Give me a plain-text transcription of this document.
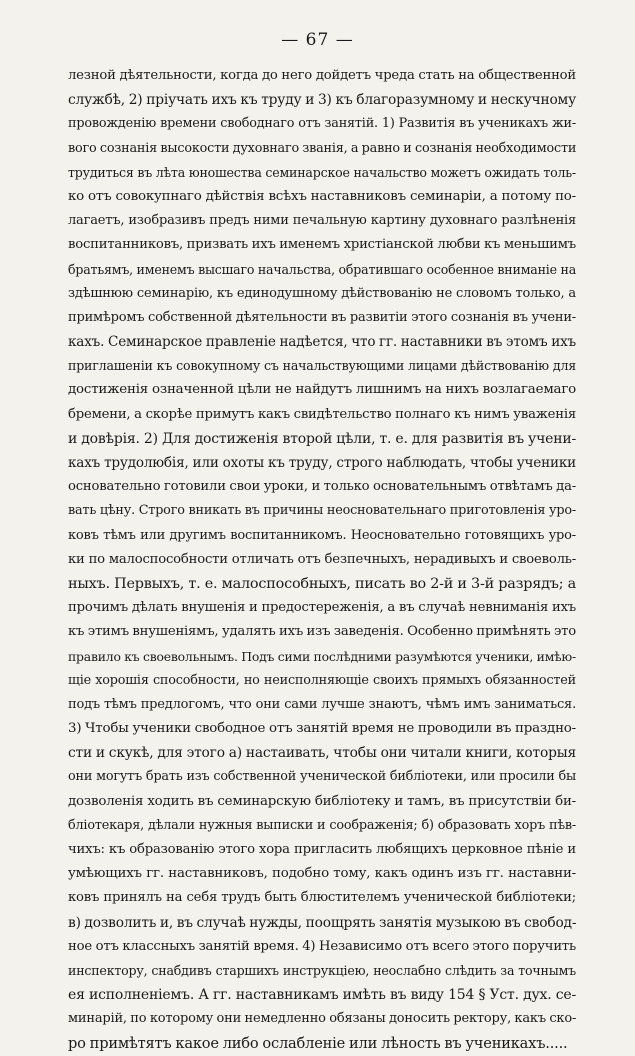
— 67 —
лезной дѣятельности, когда до него дойдетъ чреда стать на общественной
службѣ, 2) пріучать ихъ къ труду и 3) къ благоразумному и нескучному
провожденію времени свободнаго отъ занятій. 1) Развитія въ ученикахъ жи-
вого сознанія высокости духовнаго званія, а равно и сознанія необходимости
трудиться въ лѣта юношества семинарское начальство можетъ ожидать толь-
ко отъ совокупнаго дѣйствія всѣхъ наставниковъ семинаріи, а потому по-
лагаетъ, изобразивъ предъ ними печальную картину духовнаго разлѣненія
воспитанниковъ, призвать ихъ именемъ христіанской любви къ меньшимъ
братьямъ, именемъ высшаго начальства, обратившаго особенное вниманіе на
здѣшнюю семинарію, къ единодушному дѣйствованію не словомъ только, а
примѣромъ собственной дѣятельности въ развитіи этого сознанія въ учени-
кахъ. Семинарское правленіе надѣется, что гг. наставники въ этомъ ихъ
приглашеніи къ совокупному съ начальствующими лицами дѣйствованію для
достиженія означенной цѣли не найдутъ лишнимъ на нихъ возлагаемаго
бремени, а скорѣе примутъ какъ свидѣтельство полнаго къ нимъ уваженія
и довѣрія. 2) Для достиженія второй цѣли, т. е. для развитія въ учени-
кахъ трудолюбія, или охоты къ труду, строго наблюдать, чтобы ученики
основательно готовили свои уроки, и только основательнымъ отвѣтамъ да-
вать цѣну. Строго вникать въ причины неосновательнаго приготовленія уро-
ковъ тѣмъ или другимъ воспитанникомъ. Неосновательно готовящихъ уро-
ки по малоспособности отличать отъ безпечныхъ, нерадивыхъ и своеволь-
ныхъ. Первыхъ, т. е. малоспособныхъ, писать во 2-й и 3-й разрядъ; а
прочимъ дѣлать внушенія и предостереженія, а въ случаѣ невниманія ихъ
къ этимъ внушеніямъ, удалять ихъ изъ заведенія. Особенно примѣнять это
правило къ своевольнымъ. Подъ сими послѣдними разумѣются ученики, имѣю-
щіе хорошія способности, но неисполняющіе своихъ прямыхъ обязанностей
подъ тѣмъ предлогомъ, что они сами лучше знаютъ, чѣмъ имъ заниматься.
3) Чтобы ученики свободное отъ занятій время не проводили въ праздно-
сти и скукѣ, для этого а) настаивать, чтобы они читали книги, которыя
они могутъ брать изъ собственной ученической библіотеки, или просили бы
дозволенія ходить въ семинарскую библіотеку и тамъ, въ присутствіи би-
бліотекаря, дѣлали нужныя выписки и соображенія; б) образовать хоръ пѣв-
чихъ: къ образованію этого хора пригласить любящихъ церковное пѣніе и
умѣющихъ гг. наставниковъ, подобно тому, какъ одинъ изъ гг. наставни-
ковъ принялъ на себя трудъ быть блюстителемъ ученической библіотеки;
в) дозволить и, въ случаѣ нужды, поощрять занятія музыкою въ свобод-
ное отъ классныхъ занятій время. 4) Независимо отъ всего этого поручить
инспектору, снабдивъ старшихъ инструкціею, неослабно слѣдить за точнымъ
ея исполненіемъ. А гг. наставникамъ имѣть въ виду 154 § Уст. дух. се-
минарій, по которому они немедленно обязаны доносить ректору, какъ ско-
ро примѣтятъ какое либо ослабленіе или лѣность въ ученикахъ.....
